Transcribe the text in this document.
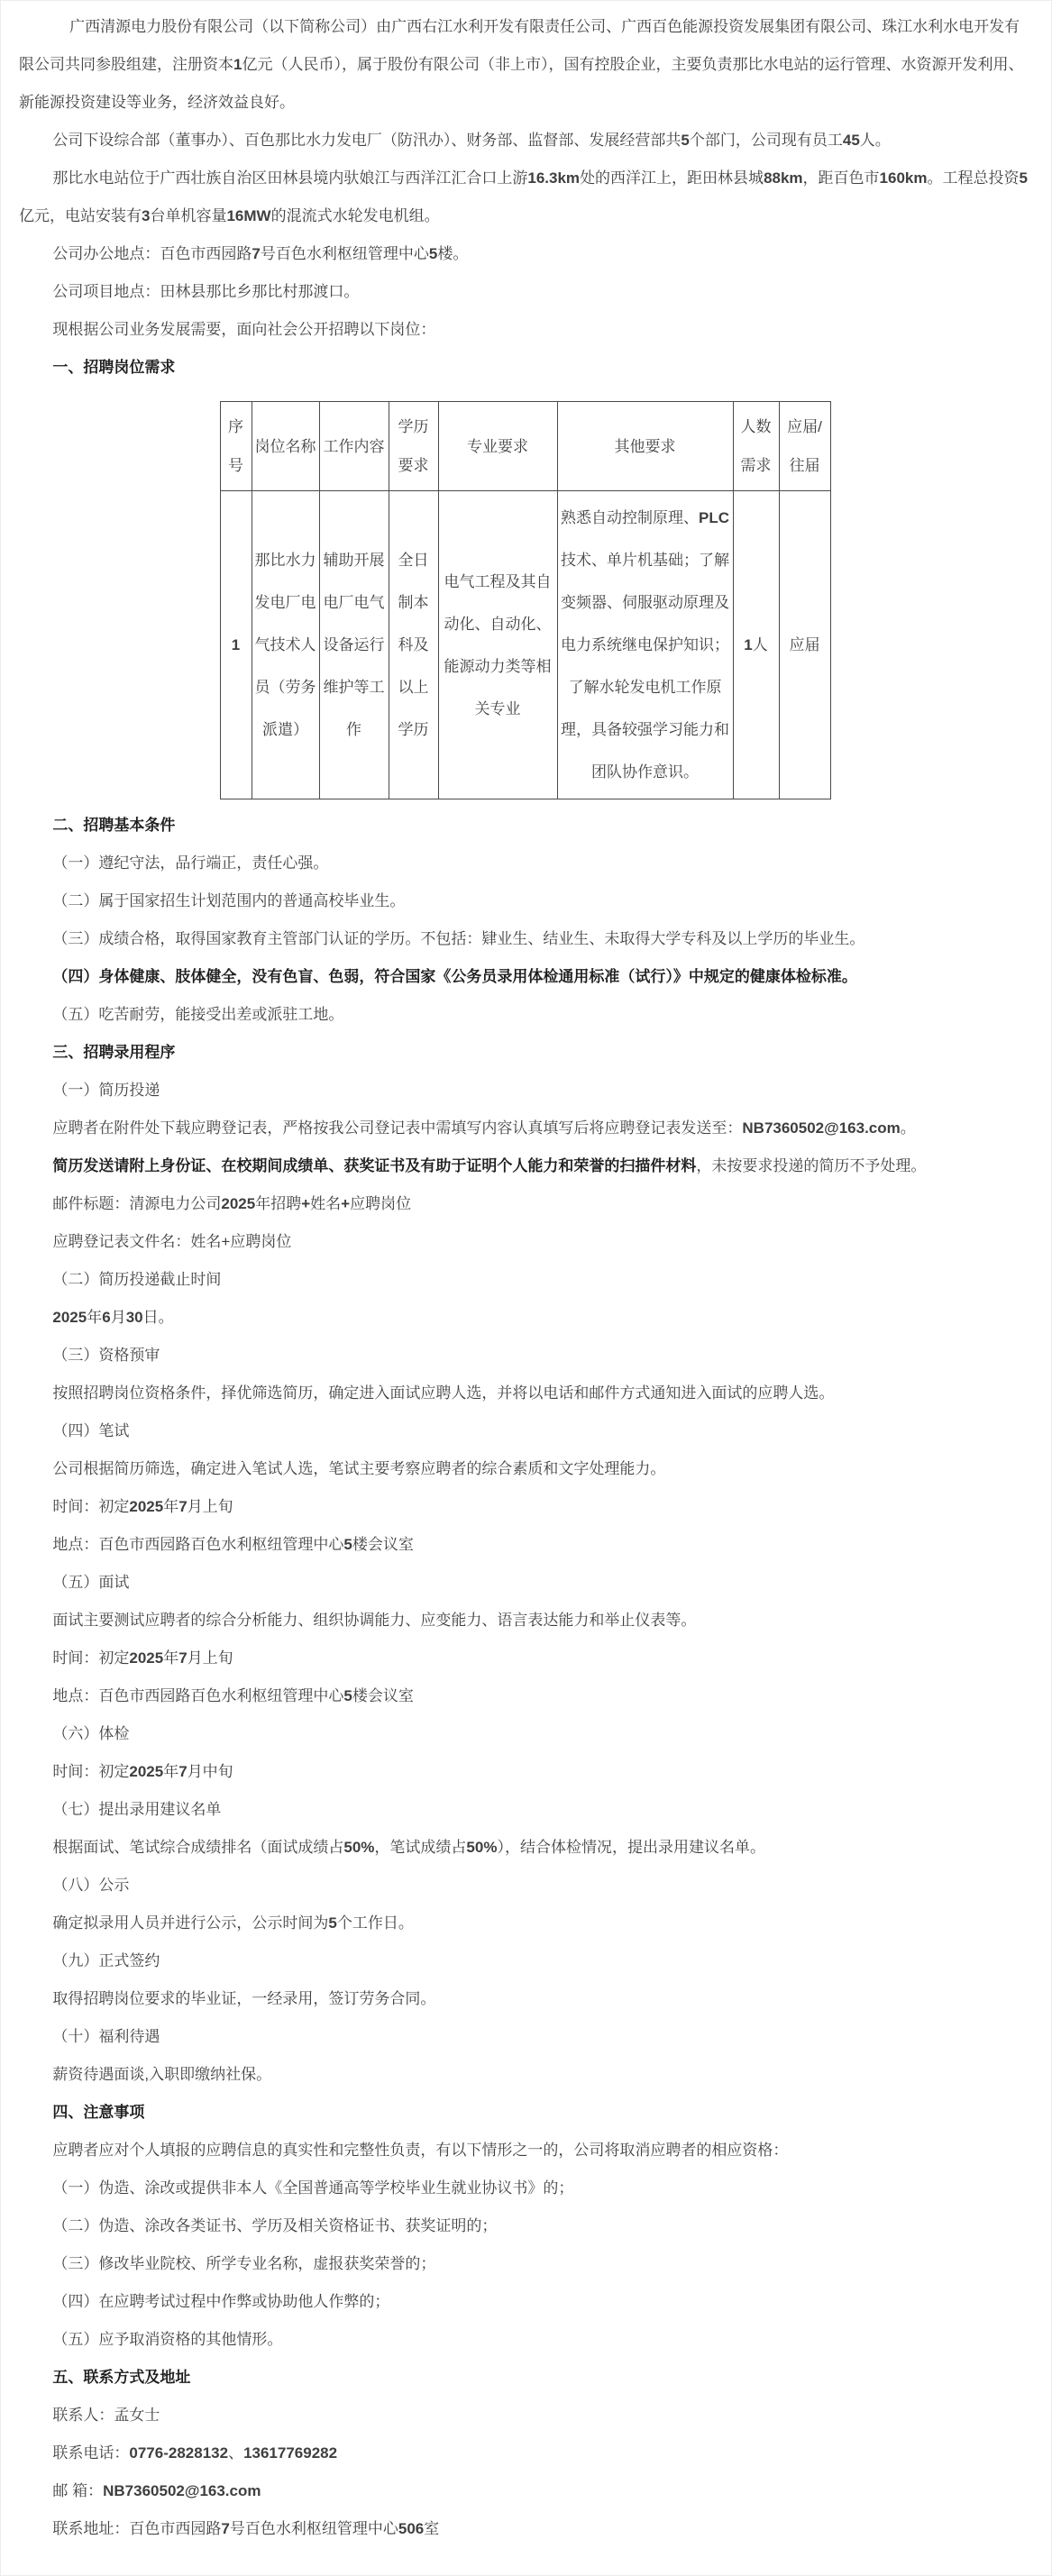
广西清源电力股份有限公司（以下简称公司）由广西右江水利开发有限责任公司、广西百色能源投资发展集团有限公司、珠江水利水电开发有限公司共同参股组建，注册资本1亿元（人民币），属于股份有限公司（非上市），国有控股企业，主要负责那比水电站的运行管理、水资源开发利用、新能源投资建设等业务，经济效益良好。

公司下设综合部（董事办）、百色那比水力发电厂（防汛办）、财务部、监督部、发展经营部共5个部门，公司现有员工45人。

那比水电站位于广西壮族自治区田林县境内驮娘江与西洋江汇合口上游16.3km处的西洋江上，距田林县城88km，距百色市160km。工程总投资5亿元，电站安装有3台单机容量16MW的混流式水轮发电机组。

公司办公地点：百色市西园路7号百色水利枢纽管理中心5楼。

公司项目地点：田林县那比乡那比村那渡口。

现根据公司业务发展需要，面向社会公开招聘以下岗位：

一、招聘岗位需求

序号	岗位名称	工作内容	学历要求	专业要求	其他要求	人数需求	应届/往届
1	那比水力发电厂电气技术人员（劳务派遣）	辅助开展电厂电气设备运行维护等工作	全日制本科及以上学历	电气工程及其自动化、自动化、能源动力类等相关专业	熟悉自动控制原理、PLC技术、单片机基础；了解变频器、伺服驱动原理及电力系统继电保护知识；了解水轮发电机工作原理，具备较强学习能力和团队协作意识。	1人	应届

二、招聘基本条件

（一）遵纪守法，品行端正，责任心强。

（二）属于国家招生计划范围内的普通高校毕业生。

（三）成绩合格，取得国家教育主管部门认证的学历。不包括：肄业生、结业生、未取得大学专科及以上学历的毕业生。

（四）身体健康、肢体健全，没有色盲、色弱，符合国家《公务员录用体检通用标准（试行）》中规定的健康体检标准。

（五）吃苦耐劳，能接受出差或派驻工地。

三、招聘录用程序

（一）简历投递

应聘者在附件处下载应聘登记表，严格按我公司登记表中需填写内容认真填写后将应聘登记表发送至：NB7360502@163.com。

简历发送请附上身份证、在校期间成绩单、获奖证书及有助于证明个人能力和荣誉的扫描件材料，未按要求投递的简历不予处理。

邮件标题：清源电力公司2025年招聘+姓名+应聘岗位

应聘登记表文件名：姓名+应聘岗位

（二）简历投递截止时间

2025年6月30日。

（三）资格预审

按照招聘岗位资格条件，择优筛选简历，确定进入面试应聘人选，并将以电话和邮件方式通知进入面试的应聘人选。

（四）笔试

公司根据简历筛选，确定进入笔试人选，笔试主要考察应聘者的综合素质和文字处理能力。

时间：初定2025年7月上旬

地点：百色市西园路百色水利枢纽管理中心5楼会议室

（五）面试

面试主要测试应聘者的综合分析能力、组织协调能力、应变能力、语言表达能力和举止仪表等。

时间：初定2025年7月上旬

地点：百色市西园路百色水利枢纽管理中心5楼会议室

（六）体检

时间：初定2025年7月中旬

（七）提出录用建议名单

根据面试、笔试综合成绩排名（面试成绩占50%，笔试成绩占50%），结合体检情况，提出录用建议名单。

（八）公示

确定拟录用人员并进行公示，公示时间为5个工作日。

（九）正式签约

取得招聘岗位要求的毕业证，一经录用，签订劳务合同。

（十）福利待遇

薪资待遇面谈,入职即缴纳社保。

四、注意事项

应聘者应对个人填报的应聘信息的真实性和完整性负责，有以下情形之一的，公司将取消应聘者的相应资格：

（一）伪造、涂改或提供非本人《全国普通高等学校毕业生就业协议书》的；

（二）伪造、涂改各类证书、学历及相关资格证书、获奖证明的；

（三）修改毕业院校、所学专业名称，虚报获奖荣誉的；

（四）在应聘考试过程中作弊或协助他人作弊的；

（五）应予取消资格的其他情形。

五、联系方式及地址

联系人：孟女士

联系电话：0776-2828132、13617769282

邮 箱：NB7360502@163.com

联系地址：百色市西园路7号百色水利枢纽管理中心506室
